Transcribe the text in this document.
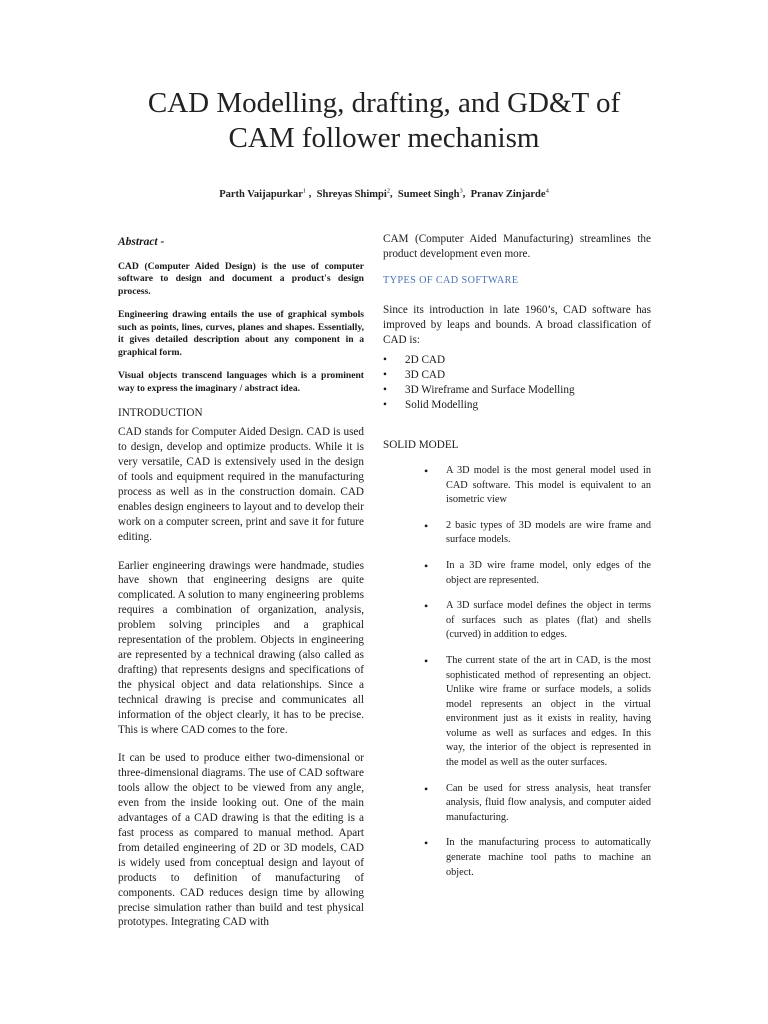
CAD Modelling, drafting, and GD&T of
CAM follower mechanism
Parth Vaijapurkar$^1$ ,  Shreyas Shimpi$^2$,  Sumeet Singh$^3$,  Pranav Zinjarde$^4$
Abstract -

CAD (Computer Aided Design) is the use of computer software to design and document a product's design process.

Engineering drawing entails the use of graphical symbols such as points, lines, curves, planes and shapes. Essentially, it gives detailed description about any component in a graphical form.

Visual objects transcend languages which is a prominent way to express the imaginary / abstract idea.

INTRODUCTION

CAD stands for Computer Aided Design. CAD is used to design, develop and optimize products. While it is very versatile, CAD is extensively used in the design of tools and equipment required in the manufacturing process as well as in the construction domain. CAD enables design engineers to layout and to develop their work on a computer screen, print and save it for future editing.

Earlier engineering drawings were handmade, studies have shown that engineering designs are quite complicated. A solution to many engineering problems requires a combination of organization, analysis, problem solving principles and a graphical representation of the problem. Objects in engineering are represented by a technical drawing (also called as drafting) that represents designs and specifications of the physical object and data relationships. Since a technical drawing is precise and communicates all information of the object clearly, it has to be precise. This is where CAD comes to the fore.

It can be used to produce either two-dimensional or three-dimensional diagrams. The use of CAD software tools allow the object to be viewed from any angle, even from the inside looking out. One of the main advantages of a CAD drawing is that the editing is a fast process as compared to manual method. Apart from detailed engineering of 2D or 3D models, CAD is widely used from conceptual design and layout of products to definition of manufacturing of components. CAD reduces design time by allowing precise simulation rather than build and test physical prototypes. Integrating CAD with

CAM (Computer Aided Manufacturing) streamlines the product development even more.

TYPES OF CAD SOFTWARE

Since its introduction in late 1960’s, CAD software has improved by leaps and bounds. A broad classification of CAD is:

• 2D CAD
• 3D CAD
• 3D Wireframe and Surface Modelling
• Solid Modelling
SOLID MODEL
• A 3D model is the most general model used in CAD software. This model is equivalent to an isometric view
• 2 basic types of 3D models are wire frame and surface models.
• In a 3D wire frame model, only edges of the object are represented.
• A 3D surface model defines the object in terms of surfaces such as plates (flat) and shells (curved) in addition to edges.
• The current state of the art in CAD, is the most sophisticated method of representing an object. Unlike wire frame or surface models, a solids model represents an object in the virtual environment just as it exists in reality, having volume as well as surfaces and edges. In this way, the interior of the object is represented in the model as well as the outer surfaces.
• Can be used for stress analysis, heat transfer analysis, fluid flow analysis, and computer aided manufacturing.
• In the manufacturing process to automatically generate machine tool paths to machine an object.
